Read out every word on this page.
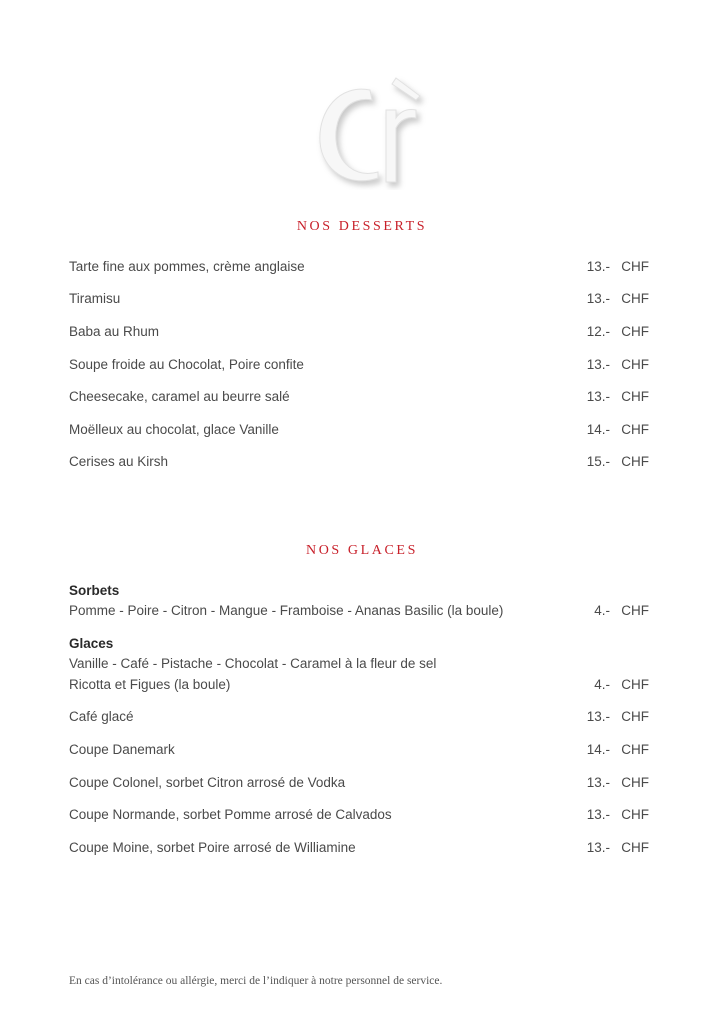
NOS DESSERTS
Tarte fine aux pommes, crème anglaise	13.- CHF
Tiramisu	13.- CHF
Baba au Rhum	12.- CHF
Soupe froide au Chocolat, Poire confite	13.- CHF
Cheesecake, caramel au beurre salé	13.- CHF
Moëlleux au chocolat, glace Vanille	14.- CHF
Cerises au Kirsh	15.- CHF
NOS GLACES
Sorbets
Pomme - Poire - Citron - Mangue - Framboise - Ananas Basilic (la boule)	4.- CHF
Glaces
Vanille - Café - Pistache - Chocolat - Caramel à la fleur de sel
Ricotta et Figues (la boule)	4.- CHF
Café glacé	13.- CHF
Coupe Danemark	14.- CHF
Coupe Colonel, sorbet Citron arrosé de Vodka	13.- CHF
Coupe Normande, sorbet Pomme arrosé de Calvados	13.- CHF
Coupe Moine, sorbet Poire arrosé de Williamine	13.- CHF
En cas d’intolérance ou allérgie, merci de l’indiquer à notre personnel de service.
